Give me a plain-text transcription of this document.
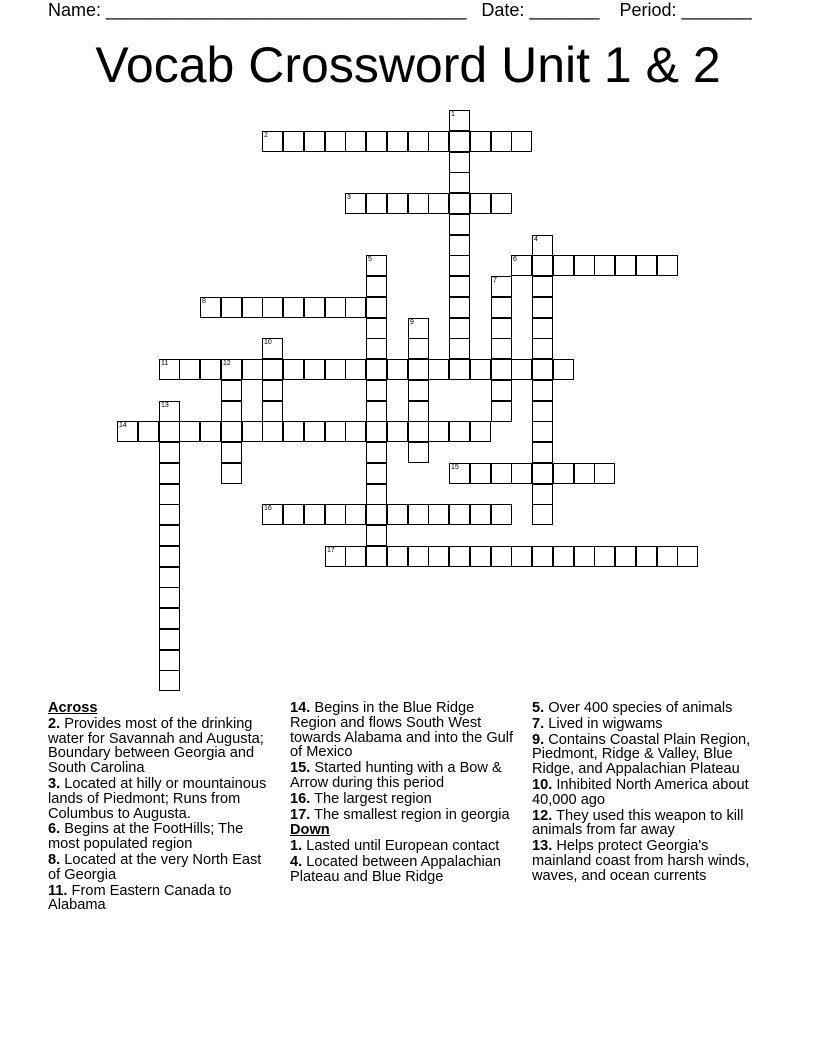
Name: ____________________________________   Date: _______    Period: _______
Vocab Crossword Unit 1 & 2
1
2
3
4
5	6
7
8
9
10
11	12
13
14
15
16
17
Across
2. Provides most of the drinking water for Savannah and Augusta; Boundary between Georgia and South Carolina
3. Located at hilly or mountainous lands of Piedmont; Runs from Columbus to Augusta.
6. Begins at the FootHills; The most populated region
8. Located at the very North East of Georgia
11. From Eastern Canada to Alabama
14. Begins in the Blue Ridge Region and flows South West towards Alabama and into the Gulf of Mexico
15. Started hunting with a Bow & Arrow during this period
16. The largest region
17. The smallest region in georgia
Down
1. Lasted until European contact
4. Located between Appalachian Plateau and Blue Ridge
5. Over 400 species of animals
7. Lived in wigwams
9. Contains Coastal Plain Region, Piedmont, Ridge & Valley, Blue Ridge, and Appalachian Plateau
10. Inhibited North America about 40,000 ago
12. They used this weapon to kill animals from far away
13. Helps protect Georgia's mainland coast from harsh winds, waves, and ocean currents
